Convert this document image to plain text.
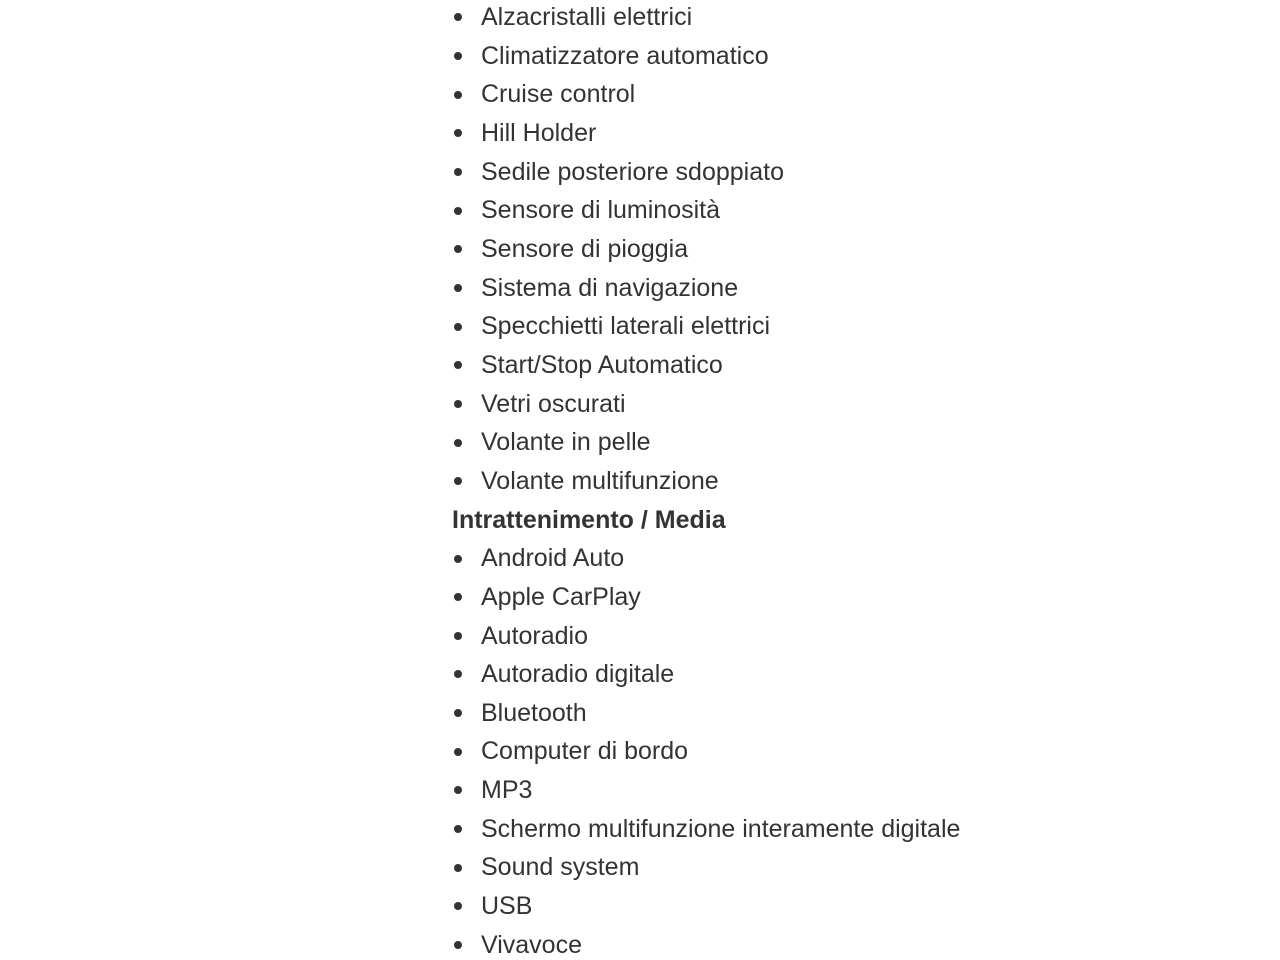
Alzacristalli elettrici
Climatizzatore automatico
Cruise control
Hill Holder
Sedile posteriore sdoppiato
Sensore di luminosità
Sensore di pioggia
Sistema di navigazione
Specchietti laterali elettrici
Start/Stop Automatico
Vetri oscurati
Volante in pelle
Volante multifunzione
Intrattenimento / Media
Android Auto
Apple CarPlay
Autoradio
Autoradio digitale
Bluetooth
Computer di bordo
MP3
Schermo multifunzione interamente digitale
Sound system
USB
Vivavoce
